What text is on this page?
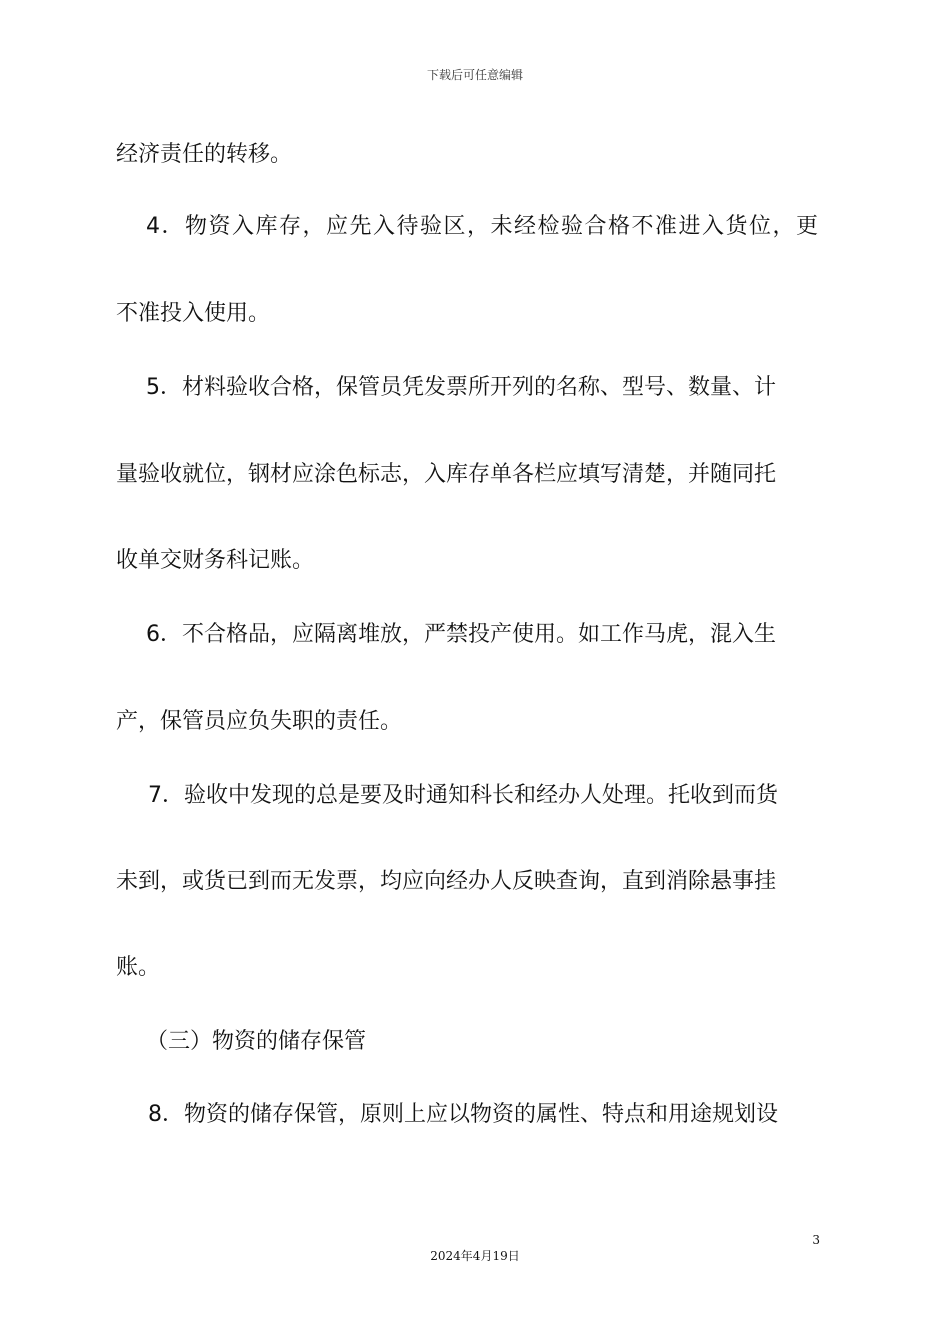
下载后可任意编辑
经济责任的转移。
4．物资入库存，应先入待验区，未经检验合格不准进入货位，更
不准投入使用。
5．材料验收合格，保管员凭发票所开列的名称、型号、数量、计
量验收就位，钢材应涂色标志，入库存单各栏应填写清楚，并随同托
收单交财务科记账。
6．不合格品，应隔离堆放，严禁投产使用。如工作马虎，混入生
产，保管员应负失职的责任。
7．验收中发现的总是要及时通知科长和经办人处理。托收到而货
未到，或货已到而无发票，均应向经办人反映查询，直到消除悬事挂
账。
（三）物资的储存保管
8．物资的储存保管，原则上应以物资的属性、特点和用途规划设
3
2024年4月19日
